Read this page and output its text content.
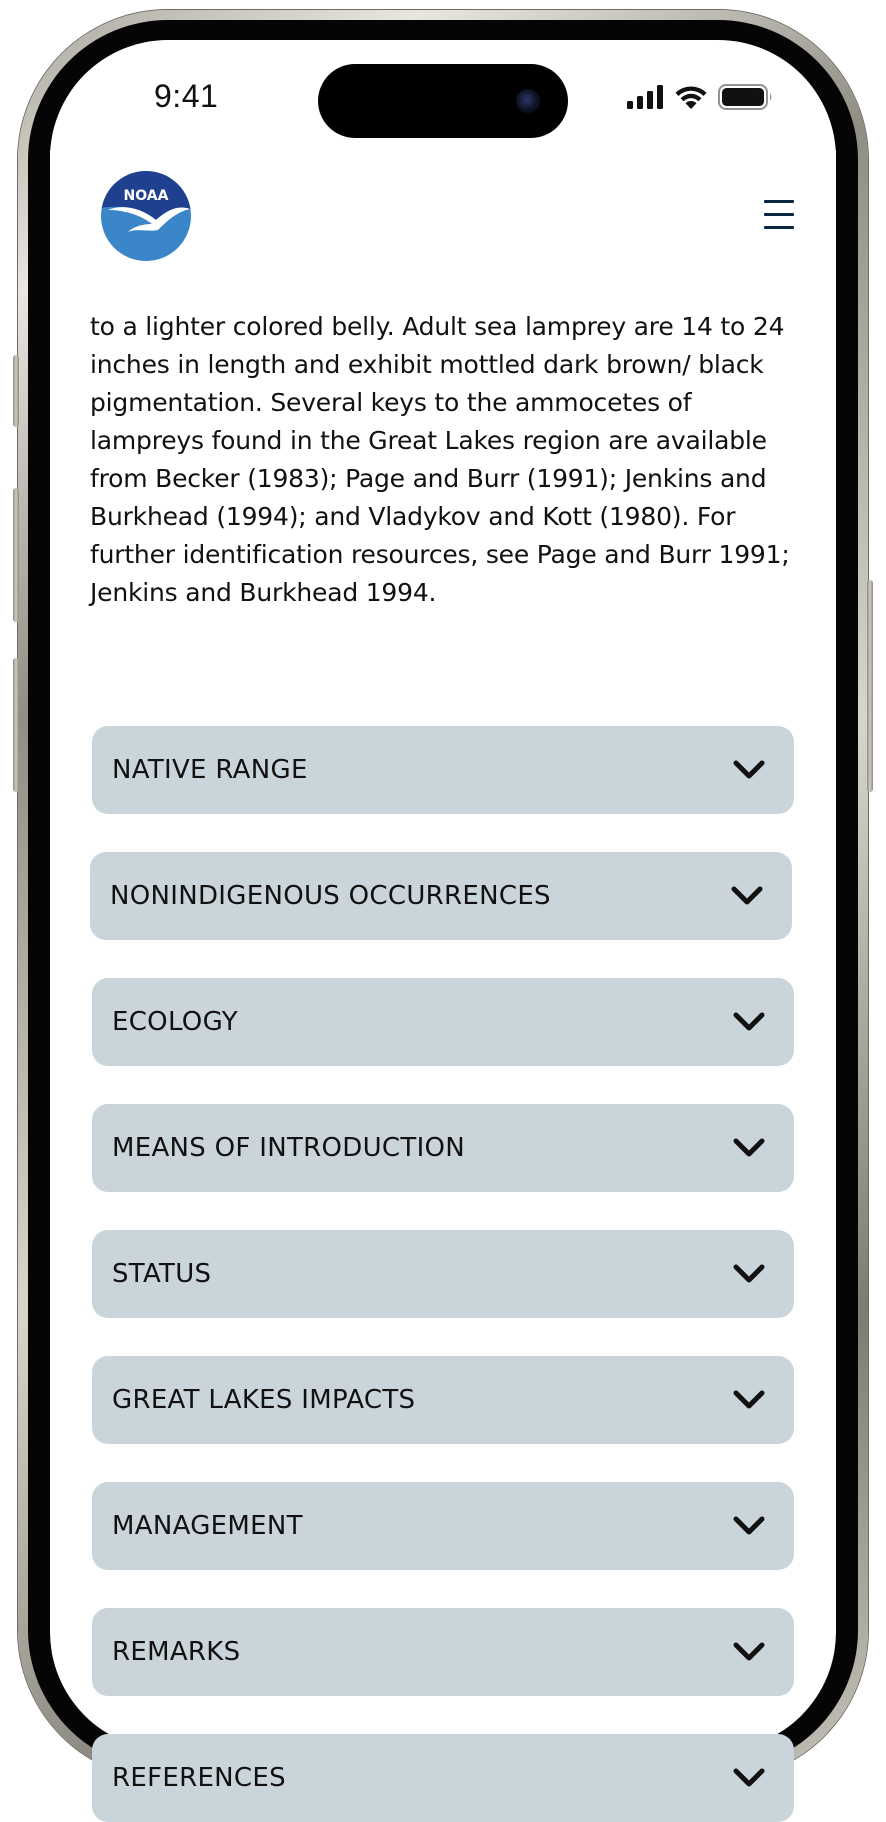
9:41
NOAA

to a lighter colored belly. Adult sea lamprey are 14 to 24 inches in length and exhibit mottled dark brown/ black pigmentation. Several keys to the ammocetes of lampreys found in the Great Lakes region are available from Becker (1983); Page and Burr (1991); Jenkins and Burkhead (1994); and Vladykov and Kott (1980). For further identification resources, see Page and Burr 1991; Jenkins and Burkhead 1994.

NATIVE RANGE
NONINDIGENOUS OCCURRENCES
ECOLOGY
MEANS OF INTRODUCTION
STATUS
GREAT LAKES IMPACTS
MANAGEMENT
REMARKS
REFERENCES
